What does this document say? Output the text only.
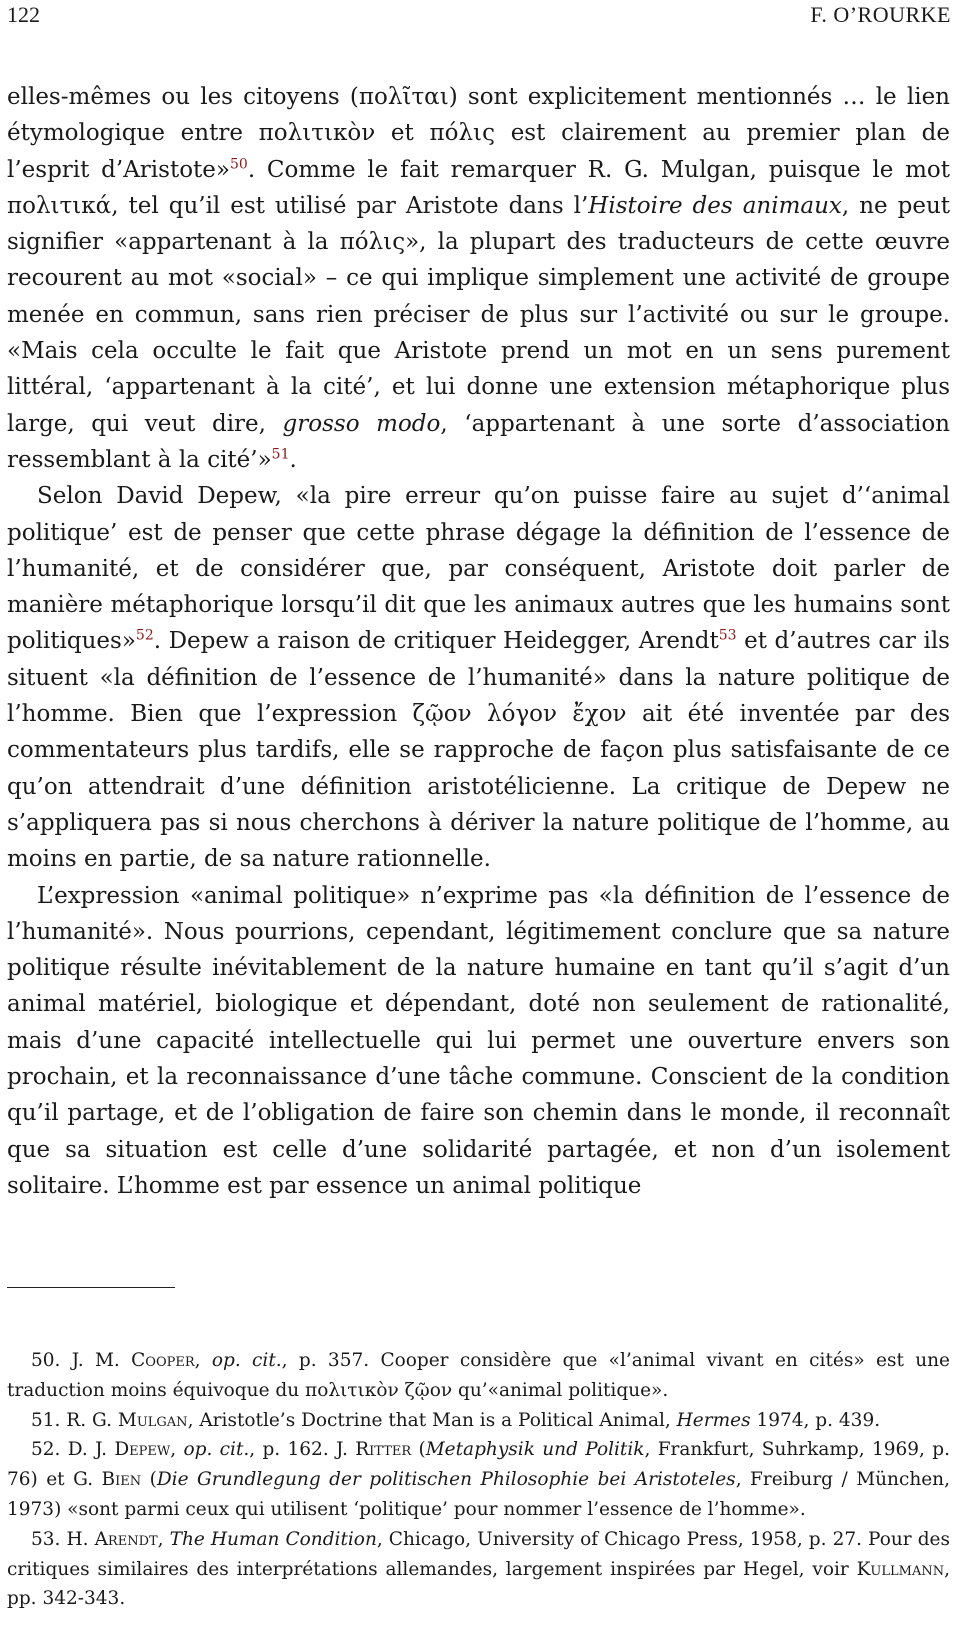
122	F. O’ROURKE

elles-mêmes ou les citoyens (πολῖται) sont explicitement mentionnés … le lien étymologique entre πολιτικὸν et πόλις est clairement au premier plan de l’esprit d’Aristote»$^{50}$. Comme le fait remarquer R. G. Mulgan, puisque le mot πολιτικά, tel qu’il est utilisé par Aristote dans l’Histoire des animaux, ne peut signifier «appartenant à la πόλις», la plupart des traducteurs de cette œuvre recourent au mot «social» – ce qui implique simplement une activité de groupe menée en commun, sans rien préciser de plus sur l’activité ou sur le groupe. «Mais cela occulte le fait que Aristote prend un mot en un sens purement littéral, ‘appartenant à la cité’, et lui donne une extension métaphorique plus large, qui veut dire, grosso modo, ‘appartenant à une sorte d’association ressemblant à la cité’»$^{51}$.

Selon David Depew, «la pire erreur qu’on puisse faire au sujet d’‘animal politique’ est de penser que cette phrase dégage la définition de l’essence de l’humanité, et de considérer que, par conséquent, Aristote doit parler de manière métaphorique lorsqu’il dit que les animaux autres que les humains sont politiques»$^{52}$. Depew a raison de critiquer Heidegger, Arendt$^{53}$ et d’autres car ils situent «la définition de l’essence de l’humanité» dans la nature politique de l’homme. Bien que l’expression ζῷον λόγον ἔχον ait été inventée par des commentateurs plus tardifs, elle se rapproche de façon plus satisfaisante de ce qu’on attendrait d’une définition aristotélicienne. La critique de Depew ne s’appliquera pas si nous cherchons à dériver la nature politique de l’homme, au moins en partie, de sa nature rationnelle.

L’expression «animal politique» n’exprime pas «la définition de l’essence de l’humanité». Nous pourrions, cependant, légitimement conclure que sa nature politique résulte inévitablement de la nature humaine en tant qu’il s’agit d’un animal matériel, biologique et dépendant, doté non seulement de rationalité, mais d’une capacité intellectuelle qui lui permet une ouverture envers son prochain, et la reconnaissance d’une tâche commune. Conscient de la condition qu’il partage, et de l’obligation de faire son chemin dans le monde, il reconnaît que sa situation est celle d’une solidarité partagée, et non d’un isolement solitaire. L’homme est par essence un animal politique

50. J. M. Cooper, op. cit., p. 357. Cooper considère que «l’animal vivant en cités» est une traduction moins équivoque du πολιτικὸν ζῷον qu’«animal politique».

51. R. G. Mulgan, Aristotle’s Doctrine that Man is a Political Animal, Hermes 1974, p. 439.

52. D. J. Depew, op. cit., p. 162. J. Ritter (Metaphysik und Politik, Frankfurt, Suhrkamp, 1969, p. 76) et G. Bien (Die Grundlegung der politischen Philosophie bei Aristoteles, Freiburg / München, 1973) «sont parmi ceux qui utilisent ‘politique’ pour nommer l’essence de l’homme».

53. H. Arendt, The Human Condition, Chicago, University of Chicago Press, 1958, p. 27. Pour des critiques similaires des interprétations allemandes, largement inspirées par Hegel, voir Kullmann, pp. 342-343.
